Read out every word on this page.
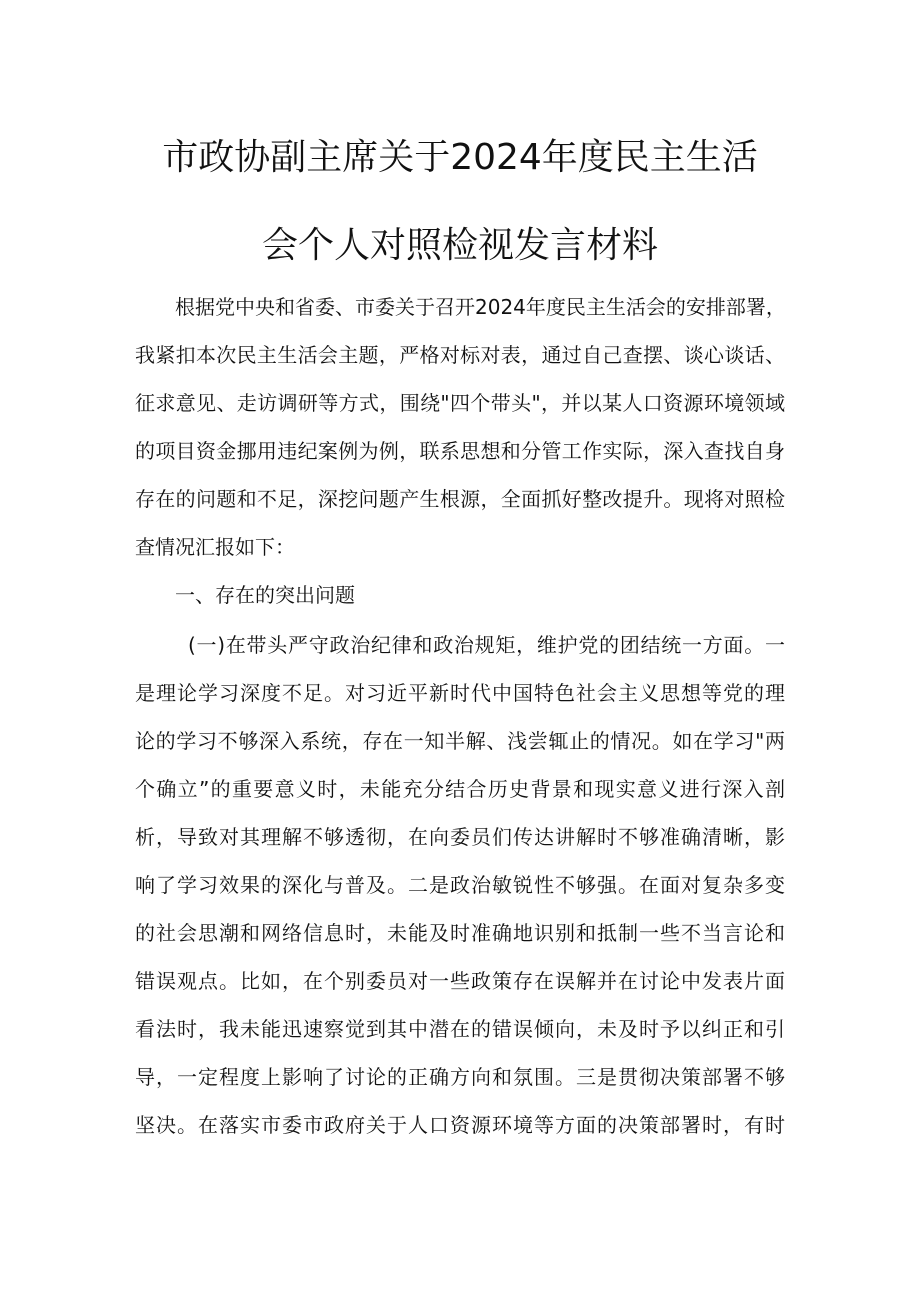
市政协副主席关于2024年度民主生活
会个人对照检视发言材料
根据党中央和省委、市委关于召开2024年度民主生活会的安排部署，
我紧扣本次民主生活会主题，严格对标对表，通过自己查摆、谈心谈话、
征求意见、走访调研等方式，围绕"四个带头"，并以某人口资源环境领域
的项目资金挪用违纪案例为例，联系思想和分管工作实际，深入查找自身
存在的问题和不足，深挖问题产生根源，全面抓好整改提升。现将对照检
查情况汇报如下：
一、存在的突出问题
(一)在带头严守政治纪律和政治规矩，维护党的团结统一方面。一
是理论学习深度不足。对习近平新时代中国特色社会主义思想等党的理
论的学习不够深入系统，存在一知半解、浅尝辄止的情况。如在学习"两
个确立”的重要意义时，未能充分结合历史背景和现实意义进行深入剖
析，导致对其理解不够透彻，在向委员们传达讲解时不够准确清晰，影
响了学习效果的深化与普及。二是政治敏锐性不够强。在面对复杂多变
的社会思潮和网络信息时，未能及时准确地识别和抵制一些不当言论和
错误观点。比如，在个别委员对一些政策存在误解并在讨论中发表片面
看法时，我未能迅速察觉到其中潜在的错误倾向，未及时予以纠正和引
导，一定程度上影响了讨论的正确方向和氛围。三是贯彻决策部署不够
坚决。在落实市委市政府关于人口资源环境等方面的决策部署时，有时
